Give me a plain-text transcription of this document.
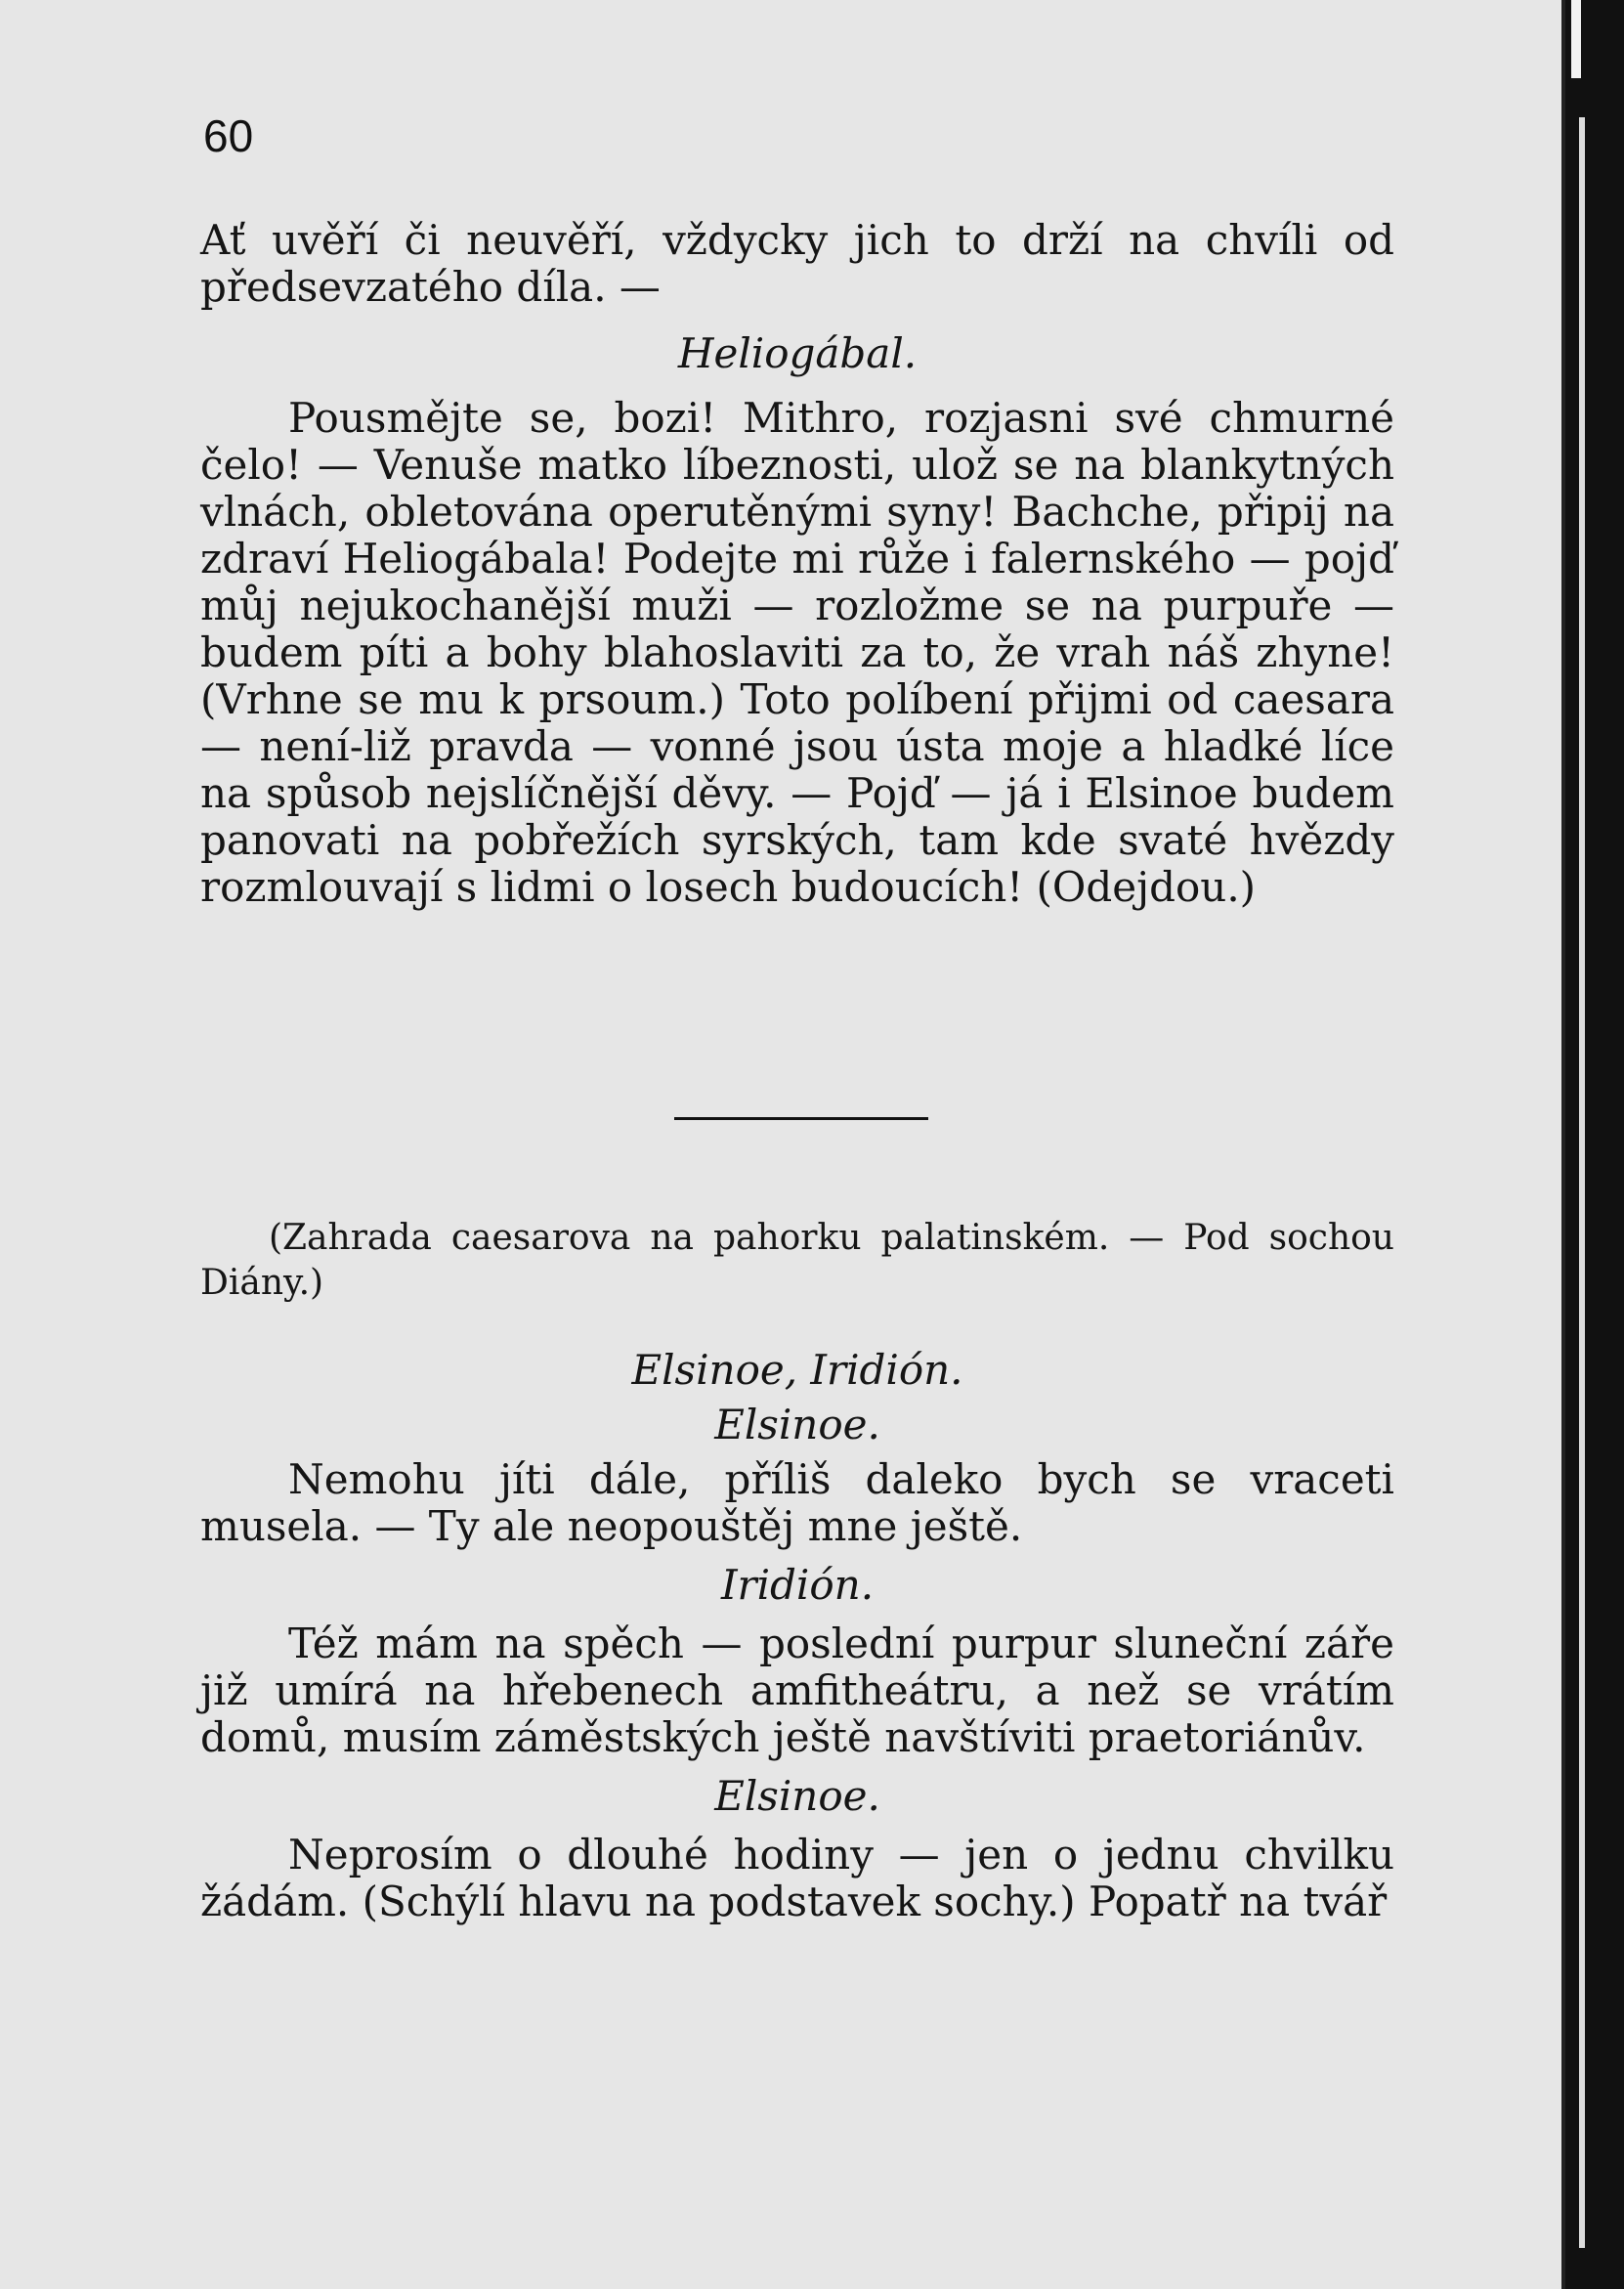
60

Ať uvěří či neuvěří, vždycky jich to drží na chvíli od předsevzatého díla. —

Heliogábal.

Pousmějte se, bozi! Mithro, rozjasni své chmurné čelo! — Venuše matko líbeznosti, ulož se na blankytných vlnách, obletována operutěnými syny! Bachche, připij na zdraví Heliogábala! Podejte mi růže i falernského — pojď můj nejukochanější muži — rozložme se na purpuře — budem píti a bohy blahoslaviti za to, že vrah náš zhyne! (Vrhne se mu k prsoum.) Toto políbení přijmi od caesara — není-liž pravda — vonné jsou ústa moje a hladké líce na spůsob nejslíčnější děvy. — Pojď — já i Elsinoe budem panovati na pobřežích syrských, tam kde svaté hvězdy rozmlouvají s lidmi o losech budoucích! (Odejdou.)

(Zahrada caesarova na pahorku palatinském. — Pod sochou Diány.)

Elsinoe, Iridión.

Elsinoe.

Nemohu jíti dále, příliš daleko bych se vraceti musela. — Ty ale neopouštěj mne ještě.

Iridión.

Též mám na spěch — poslední purpur sluneční záře již umírá na hřebenech amfitheátru, a než se vrátím domů, musím záměstských ještě navštíviti praetoriánův.

Elsinoe.

Neprosím o dlouhé hodiny — jen o jednu chvilku žádám. (Schýlí hlavu na podstavek sochy.) Popatř na tvář
